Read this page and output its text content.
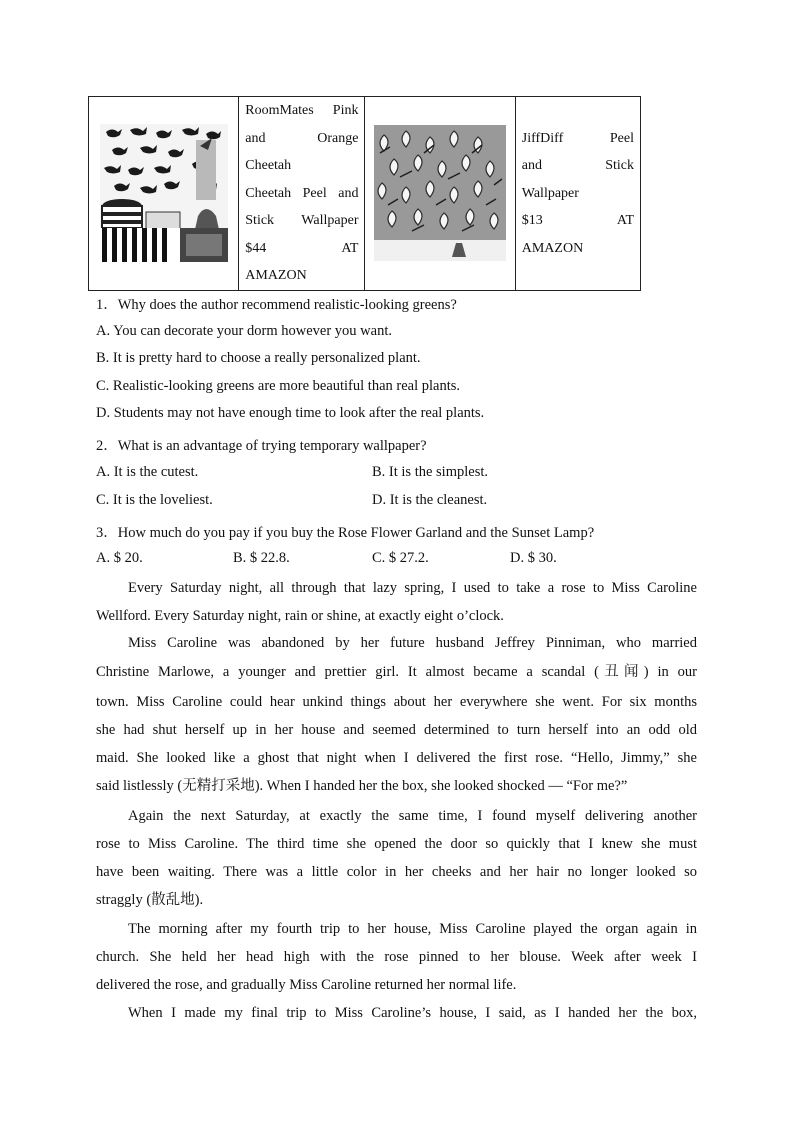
RoomMates Pink
and Orange
Cheetah
Cheetah Peel and
Stick Wallpaper
$44 AT
AMAZON

JiffDiff Peel
and Stick
Wallpaper
$13 AT
AMAZON
1．Why does the author recommend realistic-looking greens?
A. You can decorate your dorm however you want.
B. It is pretty hard to choose a really personalized plant.
C. Realistic-looking greens are more beautiful than real plants.
D. Students may not have enough time to look after the real plants.
2．What is an advantage of trying temporary wallpaper?
A. It is the cutest.	B. It is the simplest.
C. It is the loveliest.	D. It is the cleanest.
3．How much do you pay if you buy the Rose Flower Garland and the Sunset Lamp?
A. $ 20.	B. $ 22.8.	C. $ 27.2.	D. $ 30.
Every Saturday night, all through that lazy spring, I used to take a rose to Miss Caroline
Wellford. Every Saturday night, rain or shine, at exactly eight o’clock.
Miss Caroline was abandoned by her future husband Jeffrey Pinniman, who married
Christine Marlowe, a younger and prettier girl. It almost became a scandal (丑闻) in our
town. Miss Caroline could hear unkind things about her everywhere she went. For six months
she had shut herself up in her house and seemed determined to turn herself into an odd old
maid. She looked like a ghost that night when I delivered the first rose. “Hello, Jimmy,” she
said listlessly (无精打采地). When I handed her the box, she looked shocked — “For me?”
Again the next Saturday, at exactly the same time, I found myself delivering another
rose to Miss Caroline. The third time she opened the door so quickly that I knew she must
have been waiting. There was a little color in her cheeks and her hair no longer looked so
straggly (散乱地).
The morning after my fourth trip to her house, Miss Caroline played the organ again in
church. She held her head high with the rose pinned to her blouse. Week after week I
delivered the rose, and gradually Miss Caroline returned her normal life.
When I made my final trip to Miss Caroline’s house, I said, as I handed her the box,
